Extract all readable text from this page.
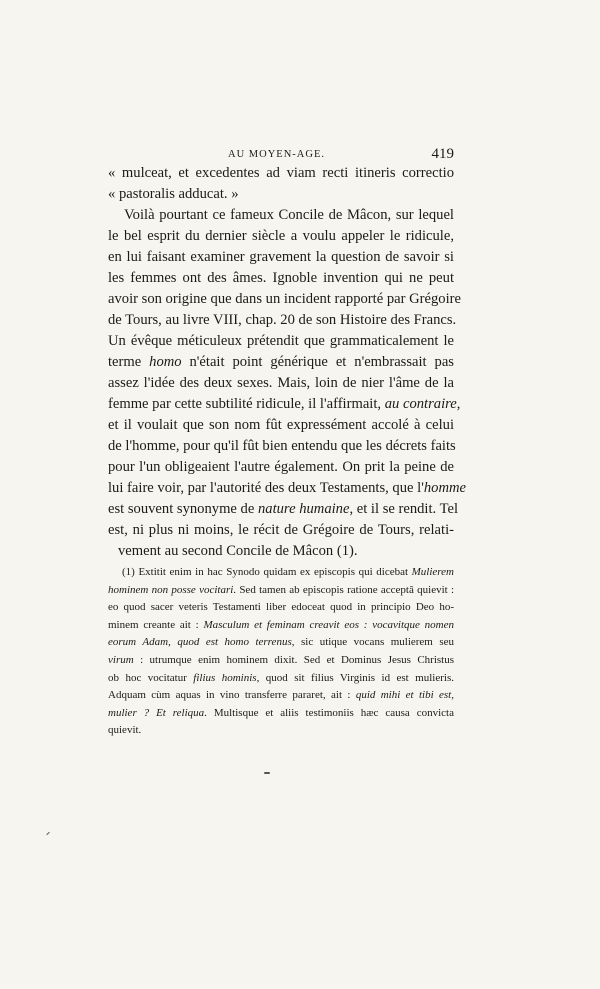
AU MOYEN-AGE.	419
« mulceat, et excedentes ad viam recti itineris correctio
« pastoralis adducat. »
Voilà pourtant ce fameux Concile de Mâcon, sur lequel
le bel esprit du dernier siècle a voulu appeler le ridicule,
en lui faisant examiner gravement la question de savoir si
les femmes ont des âmes. Ignoble invention qui ne peut
avoir son origine que dans un incident rapporté par Grégoire
de Tours, au livre VIII, chap. 20 de son Histoire des Francs.
Un évêque méticuleux prétendit que grammaticalement le
terme homo n'était point générique et n'embrassait pas
assez l'idée des deux sexes. Mais, loin de nier l'âme de la
femme par cette subtilité ridicule, il l'affirmait, au contraire,
et il voulait que son nom fût expressément accolé à celui
de l'homme, pour qu'il fût bien entendu que les décrets faits
pour l'un obligeaient l'autre également. On prit la peine de
lui faire voir, par l'autorité des deux Testaments, que l'homme
est souvent synonyme de nature humaine, et il se rendit. Tel
est, ni plus ni moins, le récit de Grégoire de Tours, relati-
vement au second Concile de Mâcon (1).
(1) Extitit enim in hac Synodo quidam ex episcopis qui dicebat Mulierem
hominem non posse vocitari. Sed tamen ab episcopis ratione acceptâ quievit :
eo quod sacer veteris Testamenti liber edoceat quod in principio Deo ho-
minem creante ait : Masculum et feminam creavit eos : vocavitque nomen
eorum Adam, quod est homo terrenus, sic utique vocans mulierem seu
virum : utrumque enim hominem dixit. Sed et Dominus Jesus Christus
ob hoc vocitatur filius hominis, quod sit filius Virginis id est mulieris.
Adquam cùm aquas in vino transferre pararet, ait : quid mihi et tibi est,
mulier ? Et reliqua. Multisque et aliis testimoniis hæc causa convicta
quievit.
